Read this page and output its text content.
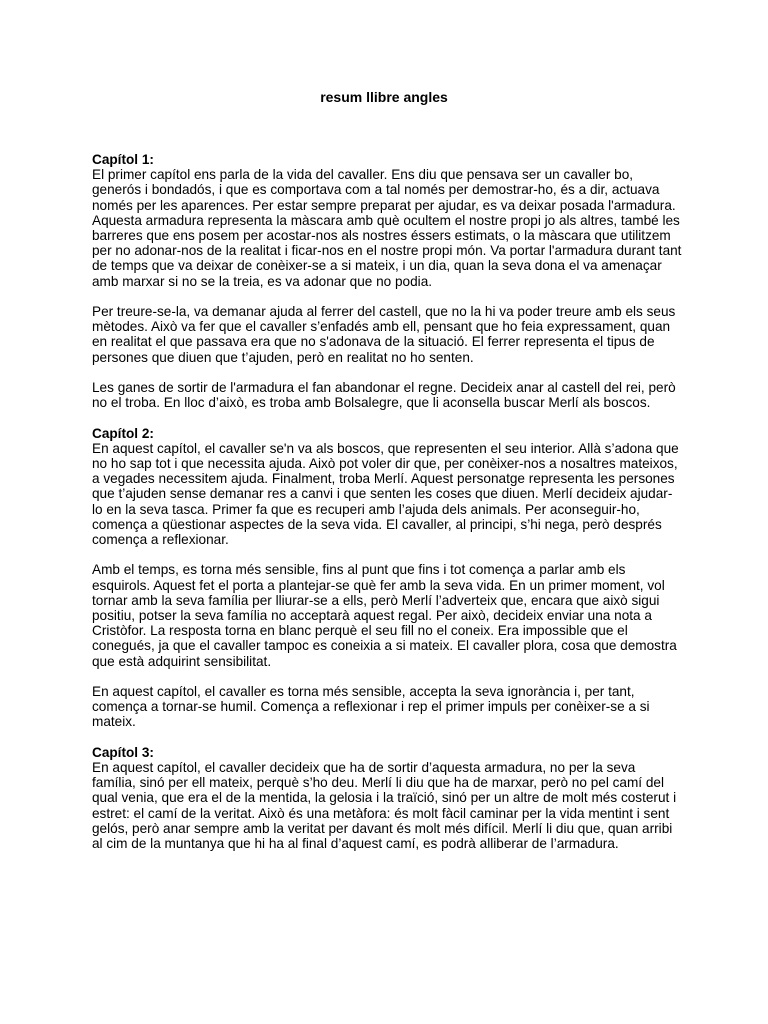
resum llibre angles

Capítol 1:
El primer capítol ens parla de la vida del cavaller. Ens diu que pensava ser un cavaller bo, generós i bondadós, i que es comportava com a tal només per demostrar-ho, és a dir, actuava només per les aparences. Per estar sempre preparat per ajudar, es va deixar posada l'armadura. Aquesta armadura representa la màscara amb què ocultem el nostre propi jo als altres, també les barreres que ens posem per acostar-nos als nostres éssers estimats, o la màscara que utilitzem per no adonar-nos de la realitat i ficar-nos en el nostre propi món. Va portar l'armadura durant tant de temps que va deixar de conèixer-se a si mateix, i un dia, quan la seva dona el va amenaçar amb marxar si no se la treia, es va adonar que no podia.

Per treure-se-la, va demanar ajuda al ferrer del castell, que no la hi va poder treure amb els seus mètodes. Això va fer que el cavaller s’enfadés amb ell, pensant que ho feia expressament, quan en realitat el que passava era que no s'adonava de la situació. El ferrer representa el tipus de persones que diuen que t’ajuden, però en realitat no ho senten.

Les ganes de sortir de l'armadura el fan abandonar el regne. Decideix anar al castell del rei, però no el troba. En lloc d’això, es troba amb Bolsalegre, que li aconsella buscar Merlí als boscos.

Capítol 2:
En aquest capítol, el cavaller se'n va als boscos, que representen el seu interior. Allà s’adona que no ho sap tot i que necessita ajuda. Això pot voler dir que, per conèixer-nos a nosaltres mateixos, a vegades necessitem ajuda. Finalment, troba Merlí. Aquest personatge representa les persones que t’ajuden sense demanar res a canvi i que senten les coses que diuen. Merlí decideix ajudar-lo en la seva tasca. Primer fa que es recuperi amb l’ajuda dels animals. Per aconseguir-ho, comença a qüestionar aspectes de la seva vida. El cavaller, al principi, s’hi nega, però després comença a reflexionar.

Amb el temps, es torna més sensible, fins al punt que fins i tot comença a parlar amb els esquirols. Aquest fet el porta a plantejar-se què fer amb la seva vida. En un primer moment, vol tornar amb la seva família per lliurar-se a ells, però Merlí l’adverteix que, encara que això sigui positiu, potser la seva família no acceptarà aquest regal. Per això, decideix enviar una nota a Cristòfor. La resposta torna en blanc perquè el seu fill no el coneix. Era impossible que el conegués, ja que el cavaller tampoc es coneixia a si mateix. El cavaller plora, cosa que demostra que està adquirint sensibilitat.

En aquest capítol, el cavaller es torna més sensible, accepta la seva ignorància i, per tant, comença a tornar-se humil. Comença a reflexionar i rep el primer impuls per conèixer-se a si mateix.

Capítol 3:
En aquest capítol, el cavaller decideix que ha de sortir d’aquesta armadura, no per la seva família, sinó per ell mateix, perquè s’ho deu. Merlí li diu que ha de marxar, però no pel camí del qual venia, que era el de la mentida, la gelosia i la traïció, sinó per un altre de molt més costerut i estret: el camí de la veritat. Això és una metàfora: és molt fàcil caminar per la vida mentint i sent gelós, però anar sempre amb la veritat per davant és molt més difícil. Merlí li diu que, quan arribi al cim de la muntanya que hi ha al final d’aquest camí, es podrà alliberar de l’armadura.
